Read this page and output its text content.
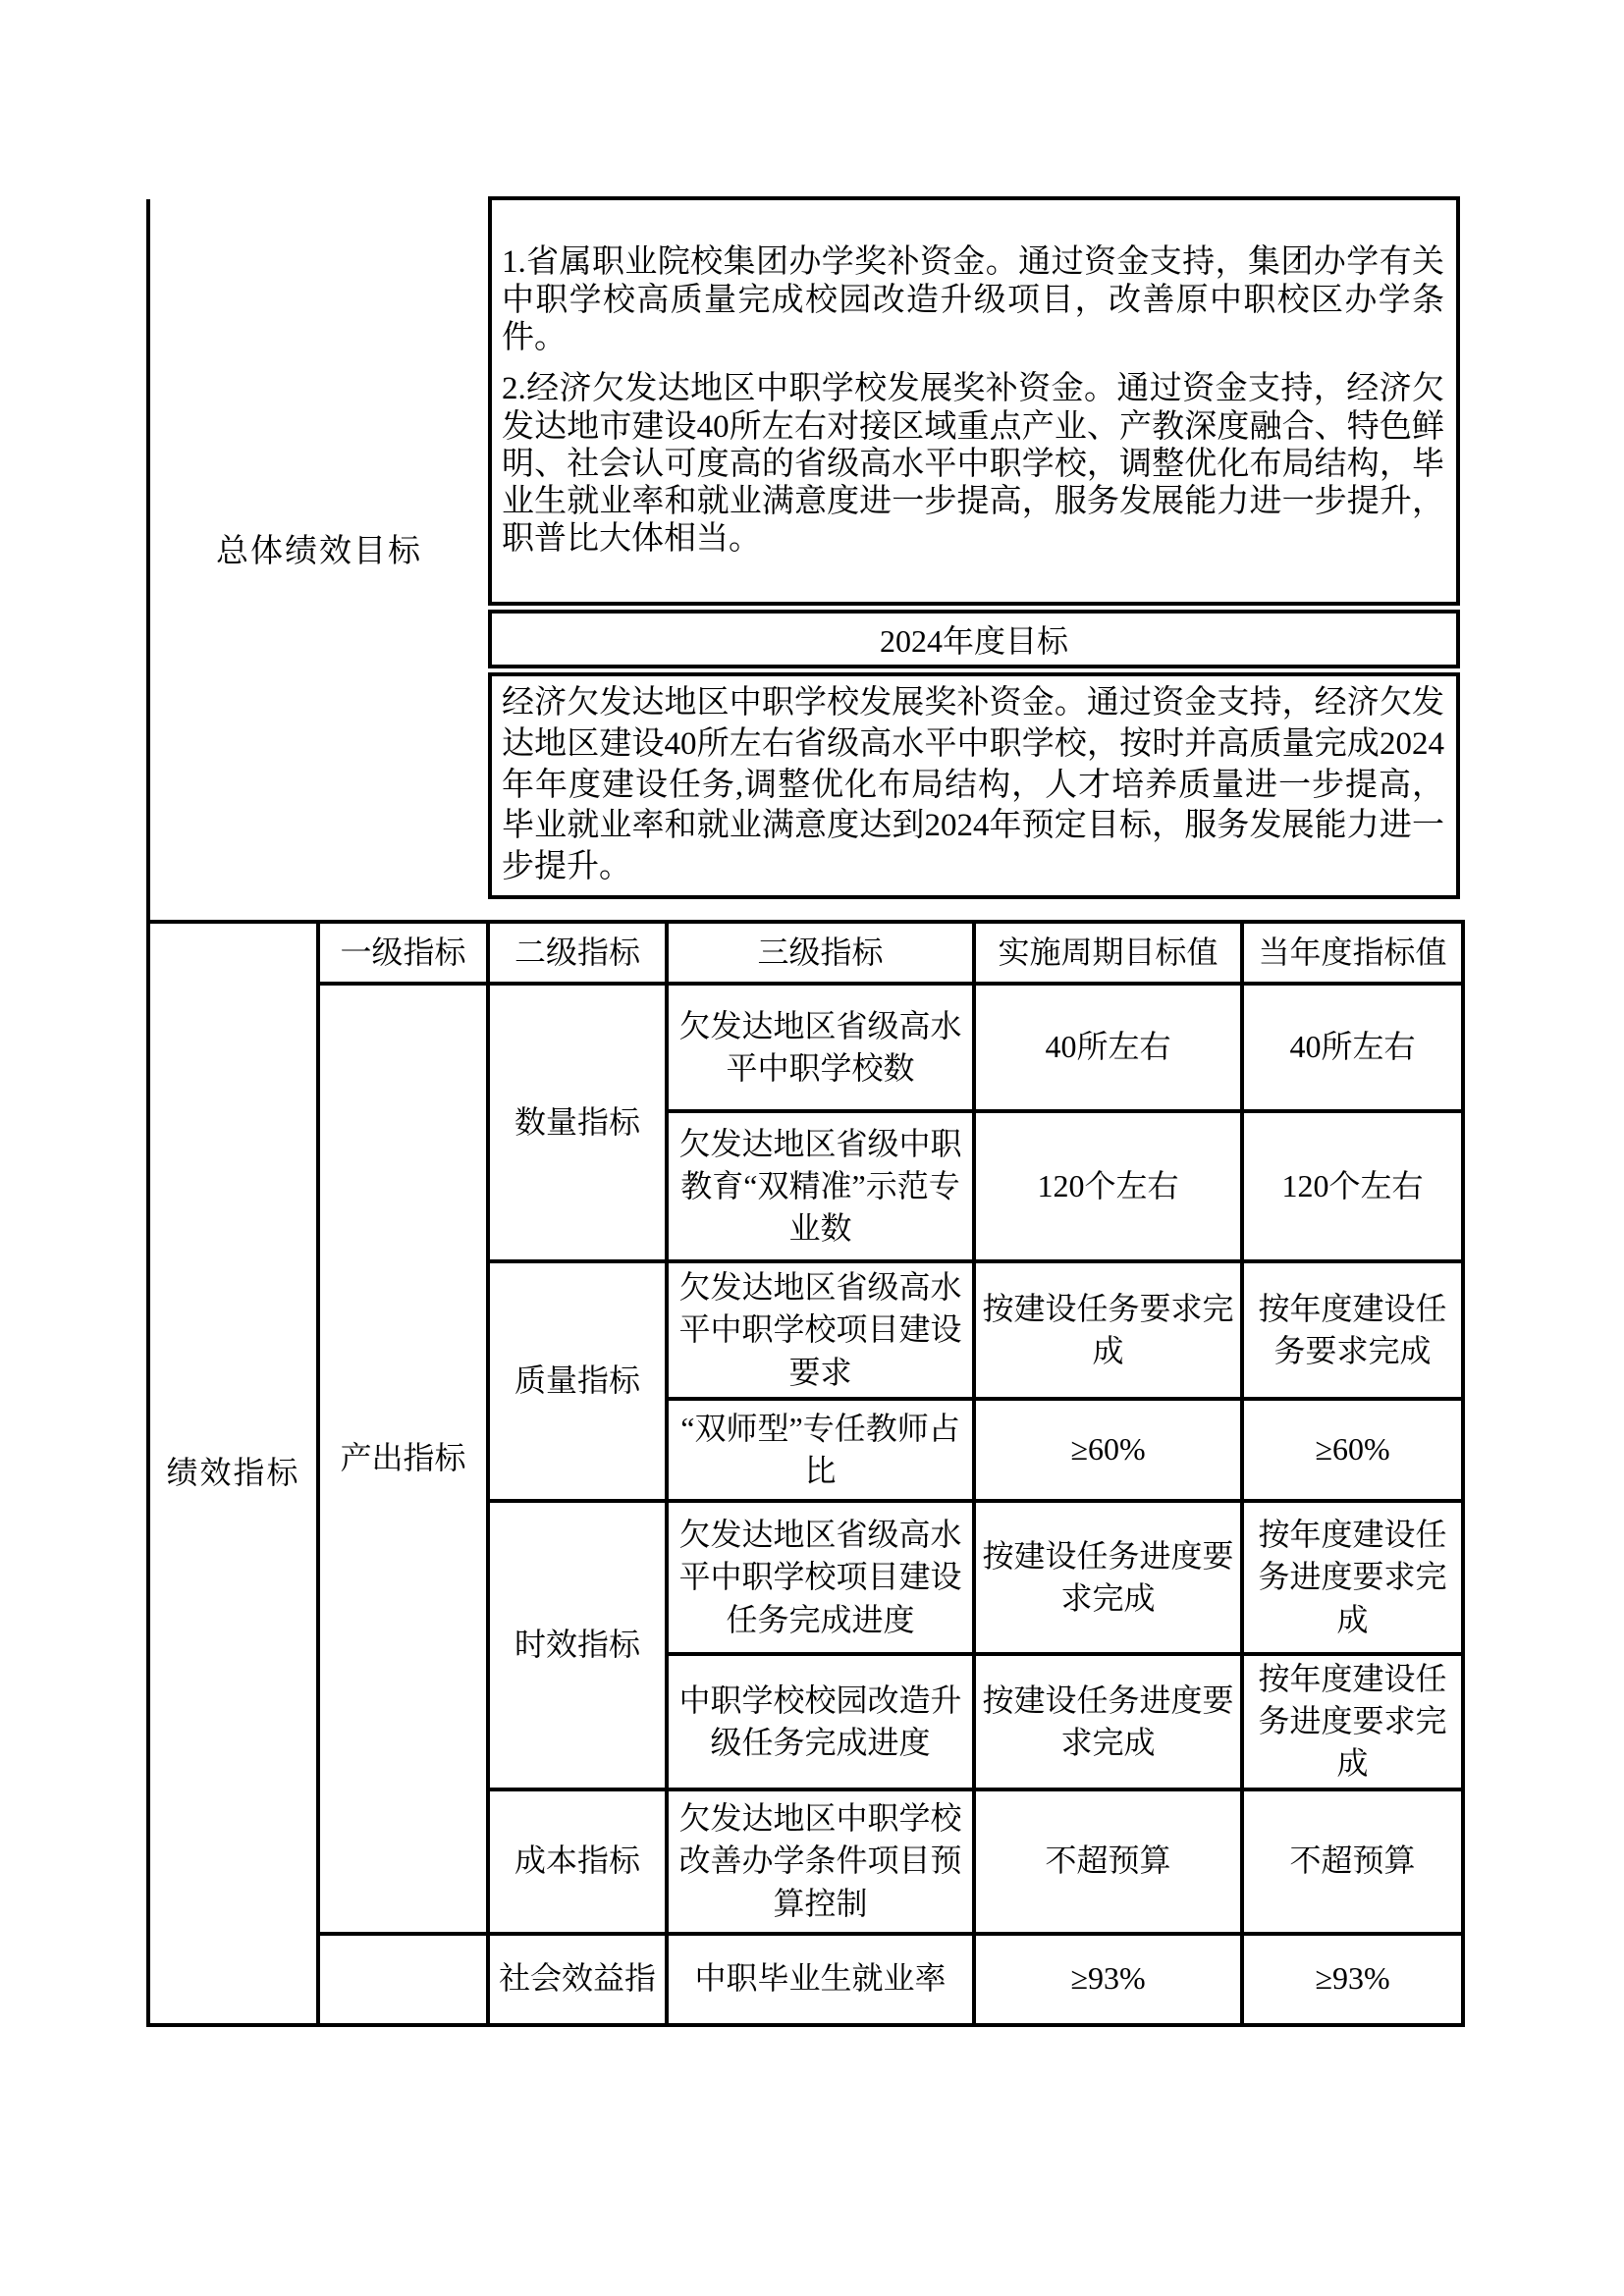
总体绩效目标

1.省属职业院校集团办学奖补资金。通过资金支持，集团办学有关中职学校高质量完成校园改造升级项目，改善原中职校区办学条件。

2.经济欠发达地区中职学校发展奖补资金。通过资金支持，经济欠发达地市建设40所左右对接区域重点产业、产教深度融合、特色鲜明、社会认可度高的省级高水平中职学校，调整优化布局结构，毕业生就业率和就业满意度进一步提高，服务发展能力进一步提升，职普比大体相当。

2024年度目标

经济欠发达地区中职学校发展奖补资金。通过资金支持，经济欠发达地区建设40所左右省级高水平中职学校，按时并高质量完成2024年年度建设任务,调整优化布局结构，人才培养质量进一步提高，毕业就业率和就业满意度达到2024年预定目标，服务发展能力进一步提升。

绩效指标	一级指标	二级指标	三级指标	实施周期目标值	当年度指标值
	产出指标	数量指标	欠发达地区省级高水平中职学校数	40所左右	40所左右
			欠发达地区省级中职教育“双精准”示范专业数	120个左右	120个左右
		质量指标	欠发达地区省级高水平中职学校项目建设要求	按建设任务要求完成	按年度建设任务要求完成
			“双师型”专任教师占比	≥60%	≥60%
		时效指标	欠发达地区省级高水平中职学校项目建设任务完成进度	按建设任务进度要求完成	按年度建设任务进度要求完成
			中职学校校园改造升级任务完成进度	按建设任务进度要求完成	按年度建设任务进度要求完成
		成本指标	欠发达地区中职学校改善办学条件项目预算控制	不超预算	不超预算
		社会效益指	中职毕业生就业率	≥93%	≥93%
